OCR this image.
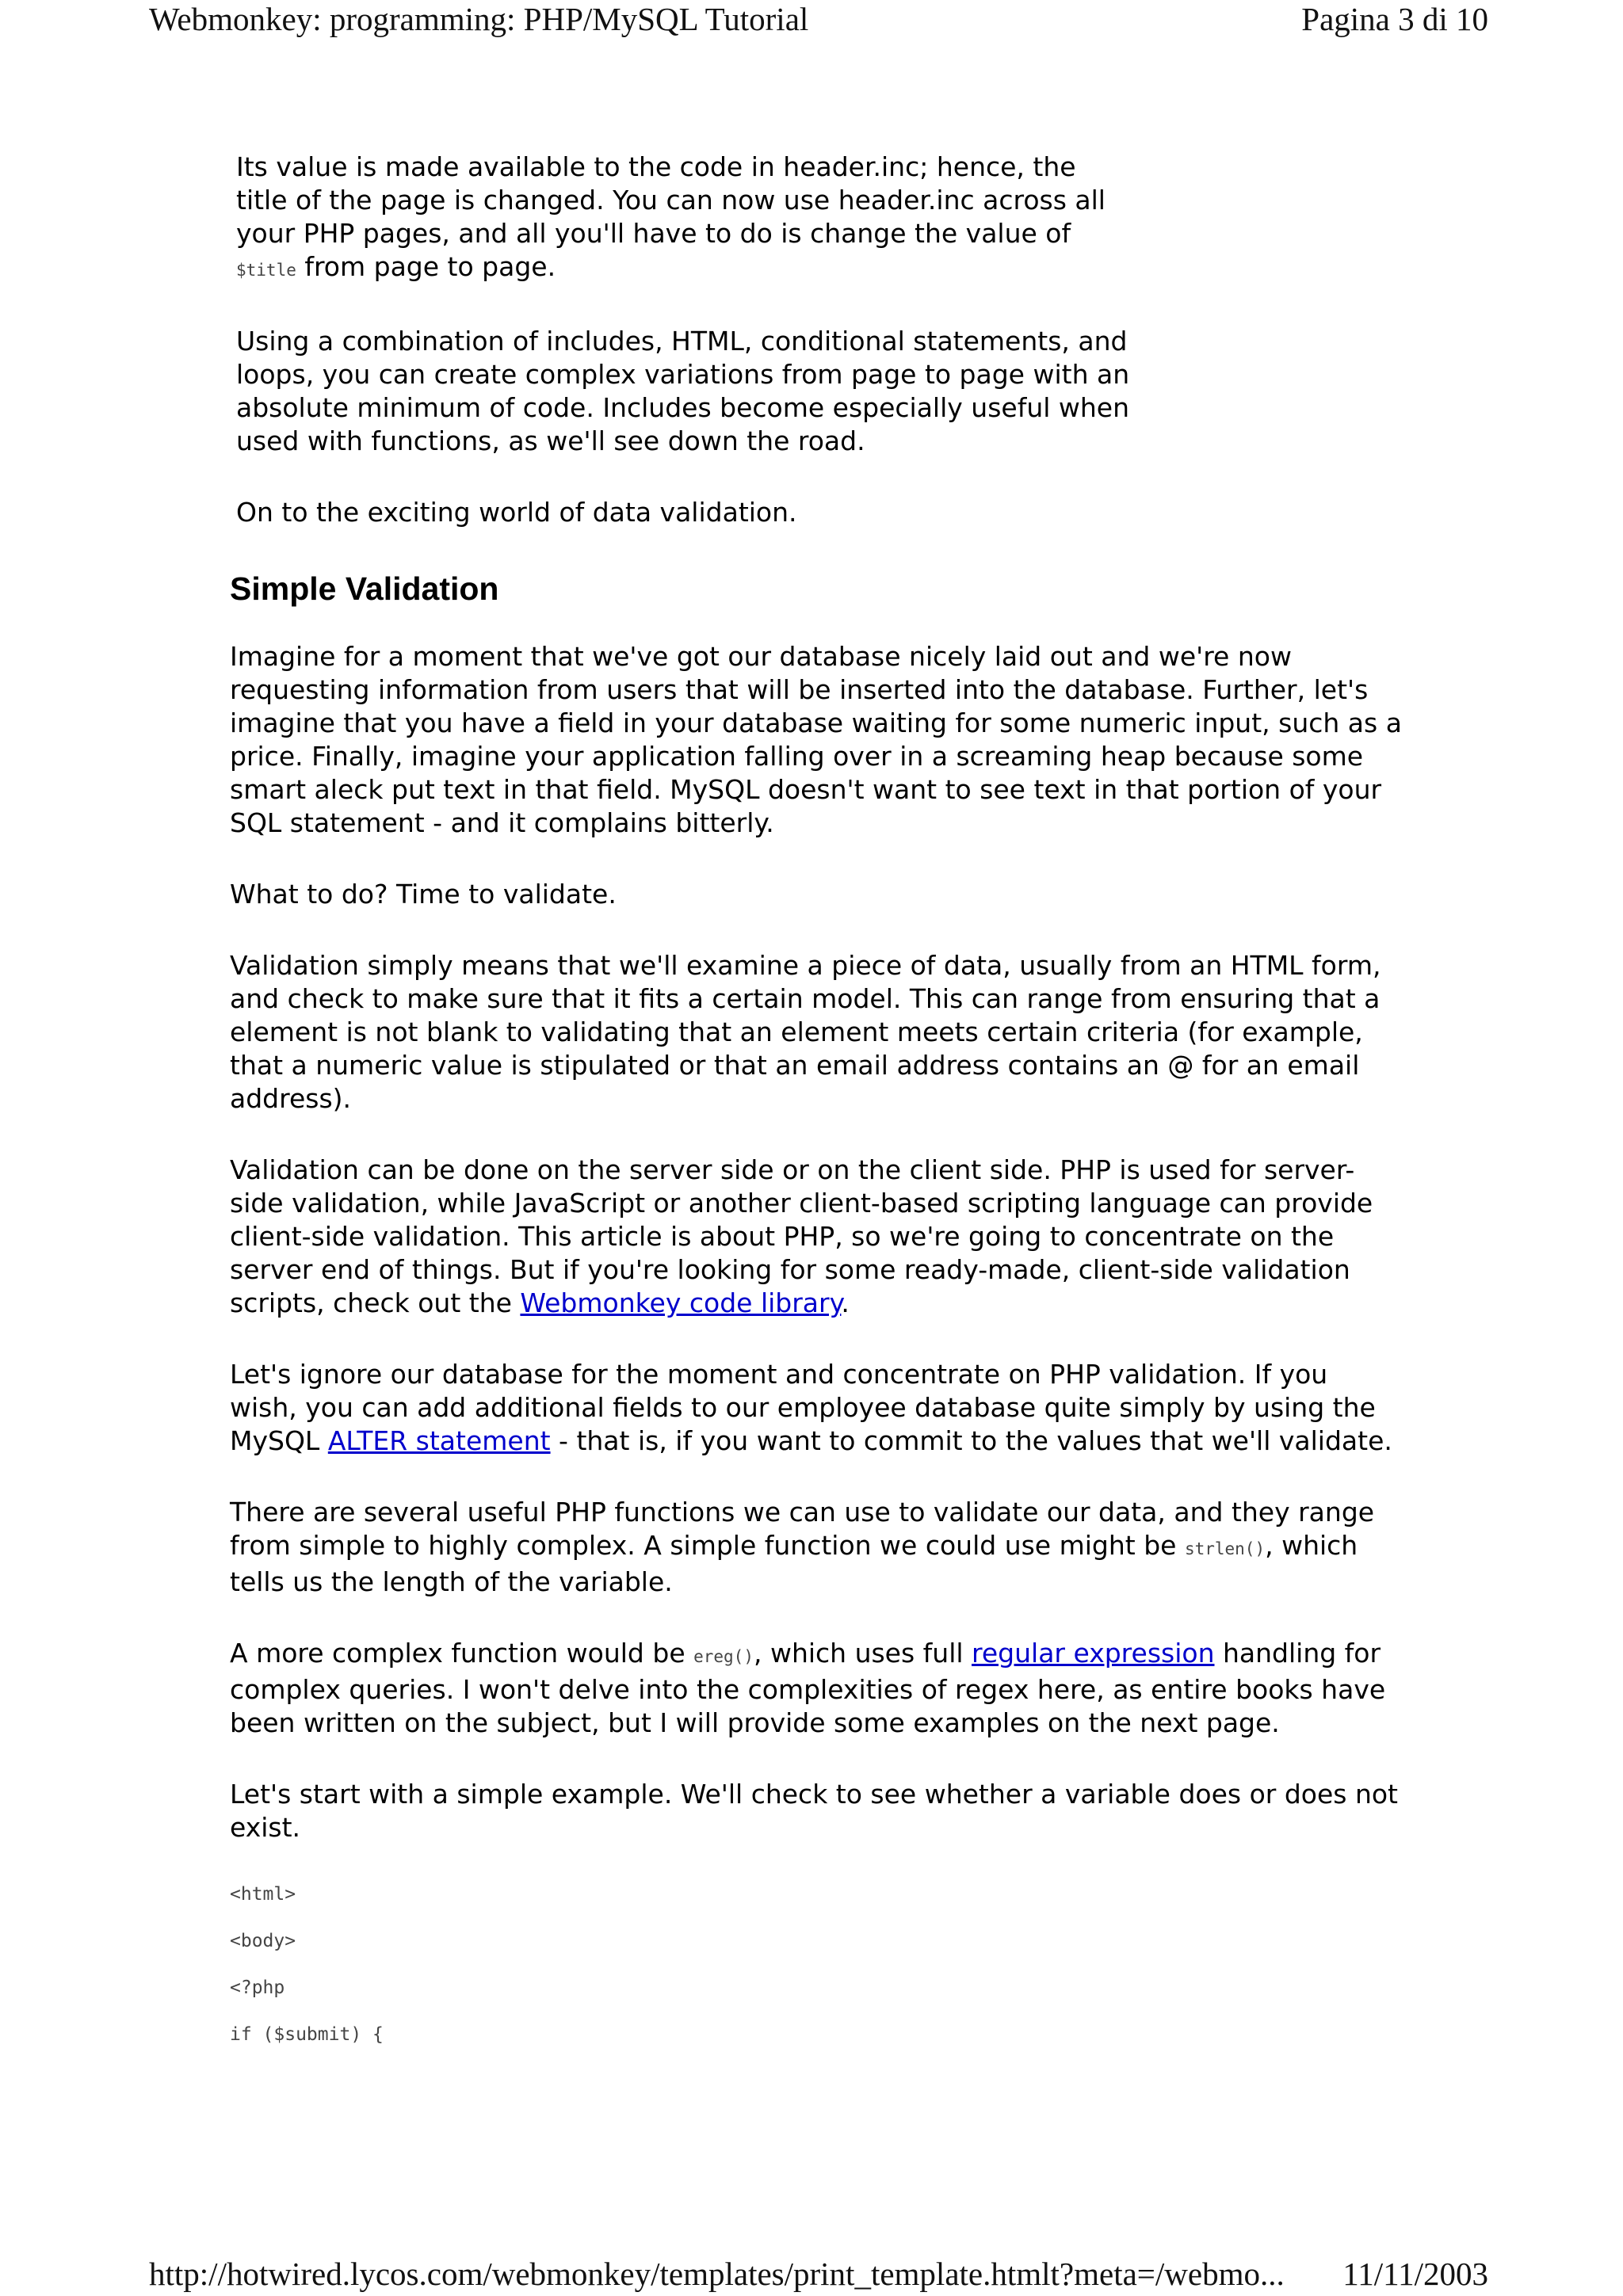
Webmonkey: programming: PHP/MySQL Tutorial	Pagina 3 di 10

Its value is made available to the code in header.inc; hence, the title of the page is changed. You can now use header.inc across all your PHP pages, and all you'll have to do is change the value of $title from page to page.

Using a combination of includes, HTML, conditional statements, and loops, you can create complex variations from page to page with an absolute minimum of code. Includes become especially useful when used with functions, as we'll see down the road.

On to the exciting world of data validation.

Simple Validation

Imagine for a moment that we've got our database nicely laid out and we're now requesting information from users that will be inserted into the database. Further, let's imagine that you have a field in your database waiting for some numeric input, such as a price. Finally, imagine your application falling over in a screaming heap because some smart aleck put text in that field. MySQL doesn't want to see text in that portion of your SQL statement - and it complains bitterly.

What to do? Time to validate.

Validation simply means that we'll examine a piece of data, usually from an HTML form, and check to make sure that it fits a certain model. This can range from ensuring that a element is not blank to validating that an element meets certain criteria (for example, that a numeric value is stipulated or that an email address contains an @ for an email address).

Validation can be done on the server side or on the client side. PHP is used for server-side validation, while JavaScript or another client-based scripting language can provide client-side validation. This article is about PHP, so we're going to concentrate on the server end of things. But if you're looking for some ready-made, client-side validation scripts, check out the Webmonkey code library.

Let's ignore our database for the moment and concentrate on PHP validation. If you wish, you can add additional fields to our employee database quite simply by using the MySQL ALTER statement - that is, if you want to commit to the values that we'll validate.

There are several useful PHP functions we can use to validate our data, and they range from simple to highly complex. A simple function we could use might be strlen(), which tells us the length of the variable.

A more complex function would be ereg(), which uses full regular expression handling for complex queries. I won't delve into the complexities of regex here, as entire books have been written on the subject, but I will provide some examples on the next page.

Let's start with a simple example. We'll check to see whether a variable does or does not exist.

<html>
<body>
<?php
if ($submit) {
http://hotwired.lycos.com/webmonkey/templates/print_template.htmlt?meta=/webmo... 11/11/2003
